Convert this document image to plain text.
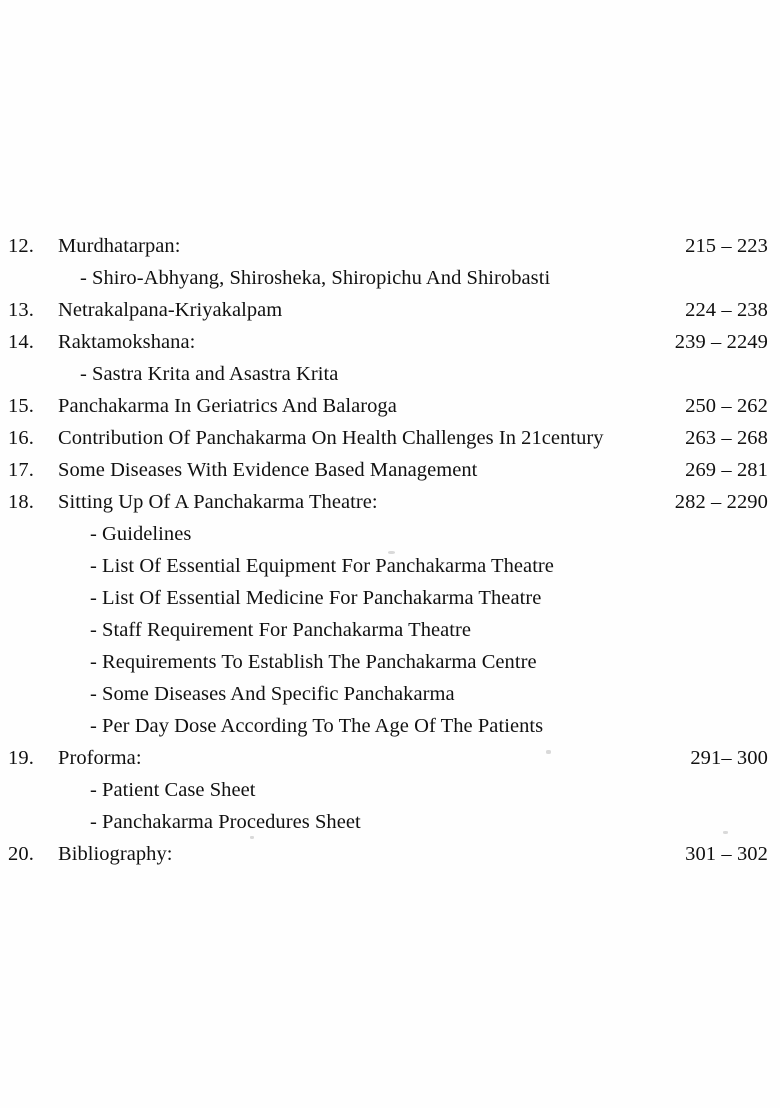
12.	Murdhatarpan:	215 – 223
- Shiro-Abhyang, Shirosheka, Shiropichu And Shirobasti
13.	Netrakalpana-Kriyakalpam	224 – 238
14.	Raktamokshana:	239 – 2249
- Sastra Krita and Asastra Krita
15.	Panchakarma In Geriatrics And Balaroga	250 – 262
16.	Contribution Of Panchakarma On Health Challenges In 21century	263 – 268
17.	Some Diseases With Evidence Based Management	269 – 281
18.	Sitting Up Of A Panchakarma Theatre:	282 – 2290
- Guidelines
- List Of Essential Equipment For Panchakarma Theatre
- List Of Essential Medicine For Panchakarma Theatre
- Staff Requirement For Panchakarma Theatre
- Requirements To Establish The Panchakarma Centre
- Some Diseases And Specific Panchakarma
- Per Day Dose According To The Age Of The Patients
19.	Proforma:	291– 300
- Patient Case Sheet
- Panchakarma Procedures Sheet
20.	Bibliography:	301 – 302
